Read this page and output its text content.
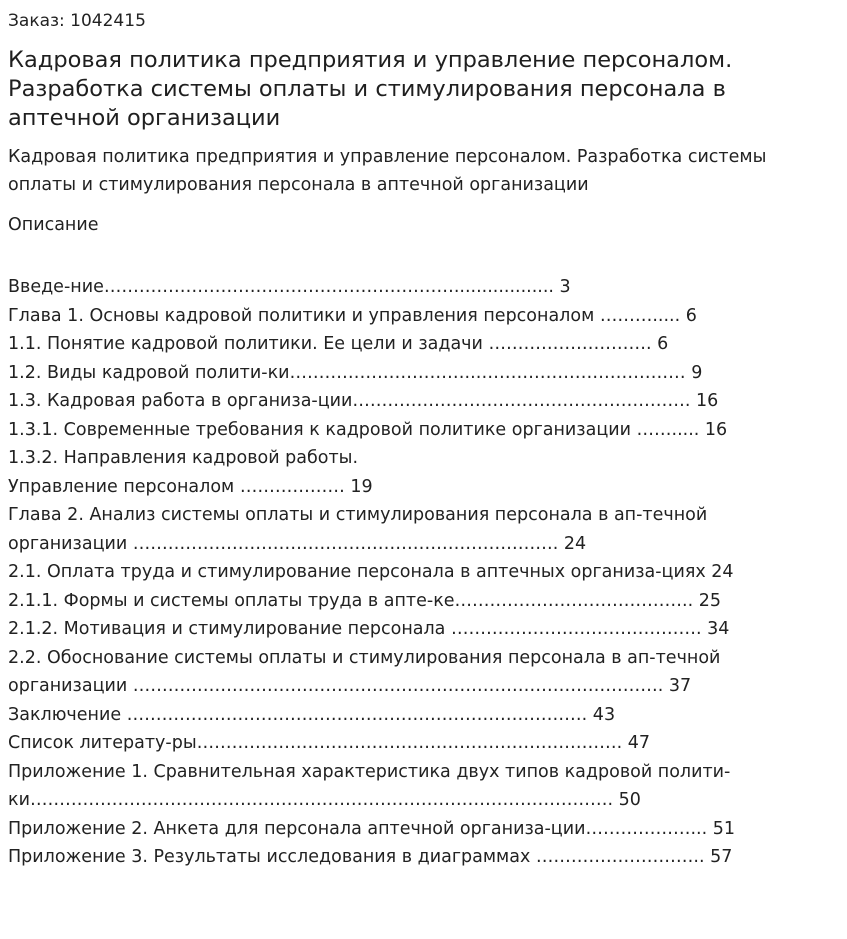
Заказ: 1042415
Кадровая политика предприятия и управление персоналом.
Разработка системы оплаты и стимулирования персонала в
аптечной организации
Кадровая политика предприятия и управление персоналом. Разработка системы
оплаты и стимулирования персонала в аптечной организации
Описание
Введе-ние…………………………………………………….................. 3
Глава 1. Основы кадровой политики и управления персоналом ………..... 6
1.1. Понятие кадровой политики. Ее цели и задачи ………………………. 6
1.2. Виды кадровой полити-ки…………………………..……………………………… 9
1.3. Кадровая работа в организа-ции…………………………………………………. 16
1.3.1. Современные требования к кадровой политике организации ……..... 16
1.3.2. Направления кадровой работы.
Управление персоналом ……………… 19
Глава 2. Анализ системы оплаты и стимулирования персонала в ап-течной
организации ………………………………………………………………. 24
2.1. Оплата труда и стимулирование персонала в аптечных организа-циях 24
2.1.1. Формы и системы оплаты труда в апте-ке………………………………….. 25
2.1.2. Мотивация и стимулирование персонала ……………………………………. 34
2.2. Обоснование системы оплаты и стимулирования персонала в ап-течной
организации ………………………………………………………………………………. 37
Заключение ……………………………………………………………………. 43
Список литерату-ры………………………………………………………………. 47
Приложение 1. Сравнительная характеристика двух типов кадровой полити-
ки………………………………………………………………………………………. 50
Приложение 2. Анкета для персонала аптечной организа-ции………………... 51
Приложение 3. Результаты исследования в диаграммах ……………………….. 57
